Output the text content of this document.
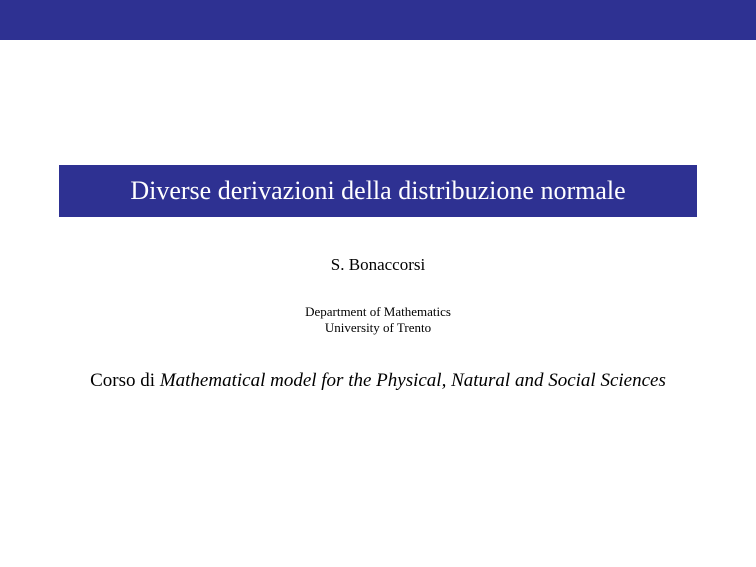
Diverse derivazioni della distribuzione normale
S. Bonaccorsi
Department of Mathematics
University of Trento
Corso di Mathematical model for the Physical, Natural and Social Sciences
